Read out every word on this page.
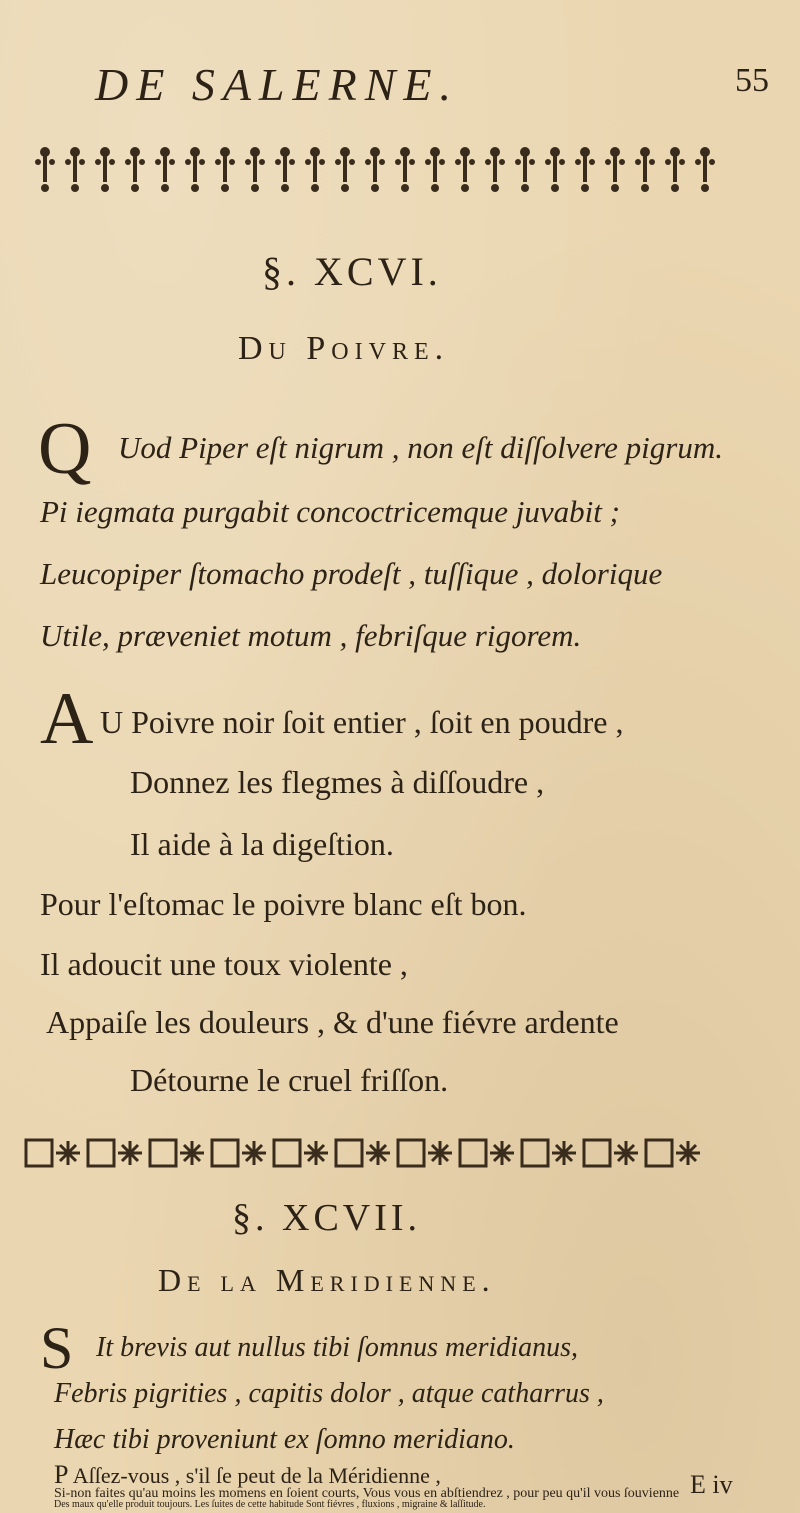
DE SALERNE.	55
§. XCVI.
Du Poivre.
Q Uod Piper eſt nigrum , non eſt diſſolvere pigrum.
Pi iegmata purgabit concoctricemque juvabit ;
Leucopiper ſtomacho prodeſt , tuſſique , dolorique
Utile, præveniet motum , febriſque rigorem.
A U Poivre noir ſoit entier , ſoit en poudre ,
Donnez les flegmes à diſſoudre ,
Il aide à la digeſtion.
Pour l'eſtomac le poivre blanc eſt bon.
Il adoucit une toux violente ,
Appaiſe les douleurs , & d'une fiévre ardente
Détourne le cruel friſſon.
§. XCVII.
De la Meridienne.
S It brevis aut nullus tibi ſomnus meridianus,
Febris pigrities , capitis dolor , atque catharrus ,
Hæc tibi proveniunt ex ſomno meridiano.
E iv
P Aſſez-vous , s'il ſe peut de la Méridienne ,
Si-non faites qu'au moins les momens en ſoient courts, Vous vous en abſtiendrez , pour peu qu'il vous ſouvienne
Des maux qu'elle produit toujours. Les ſuites de cette habitude Sont fiévres , fluxions , migraine & laſſitude.
